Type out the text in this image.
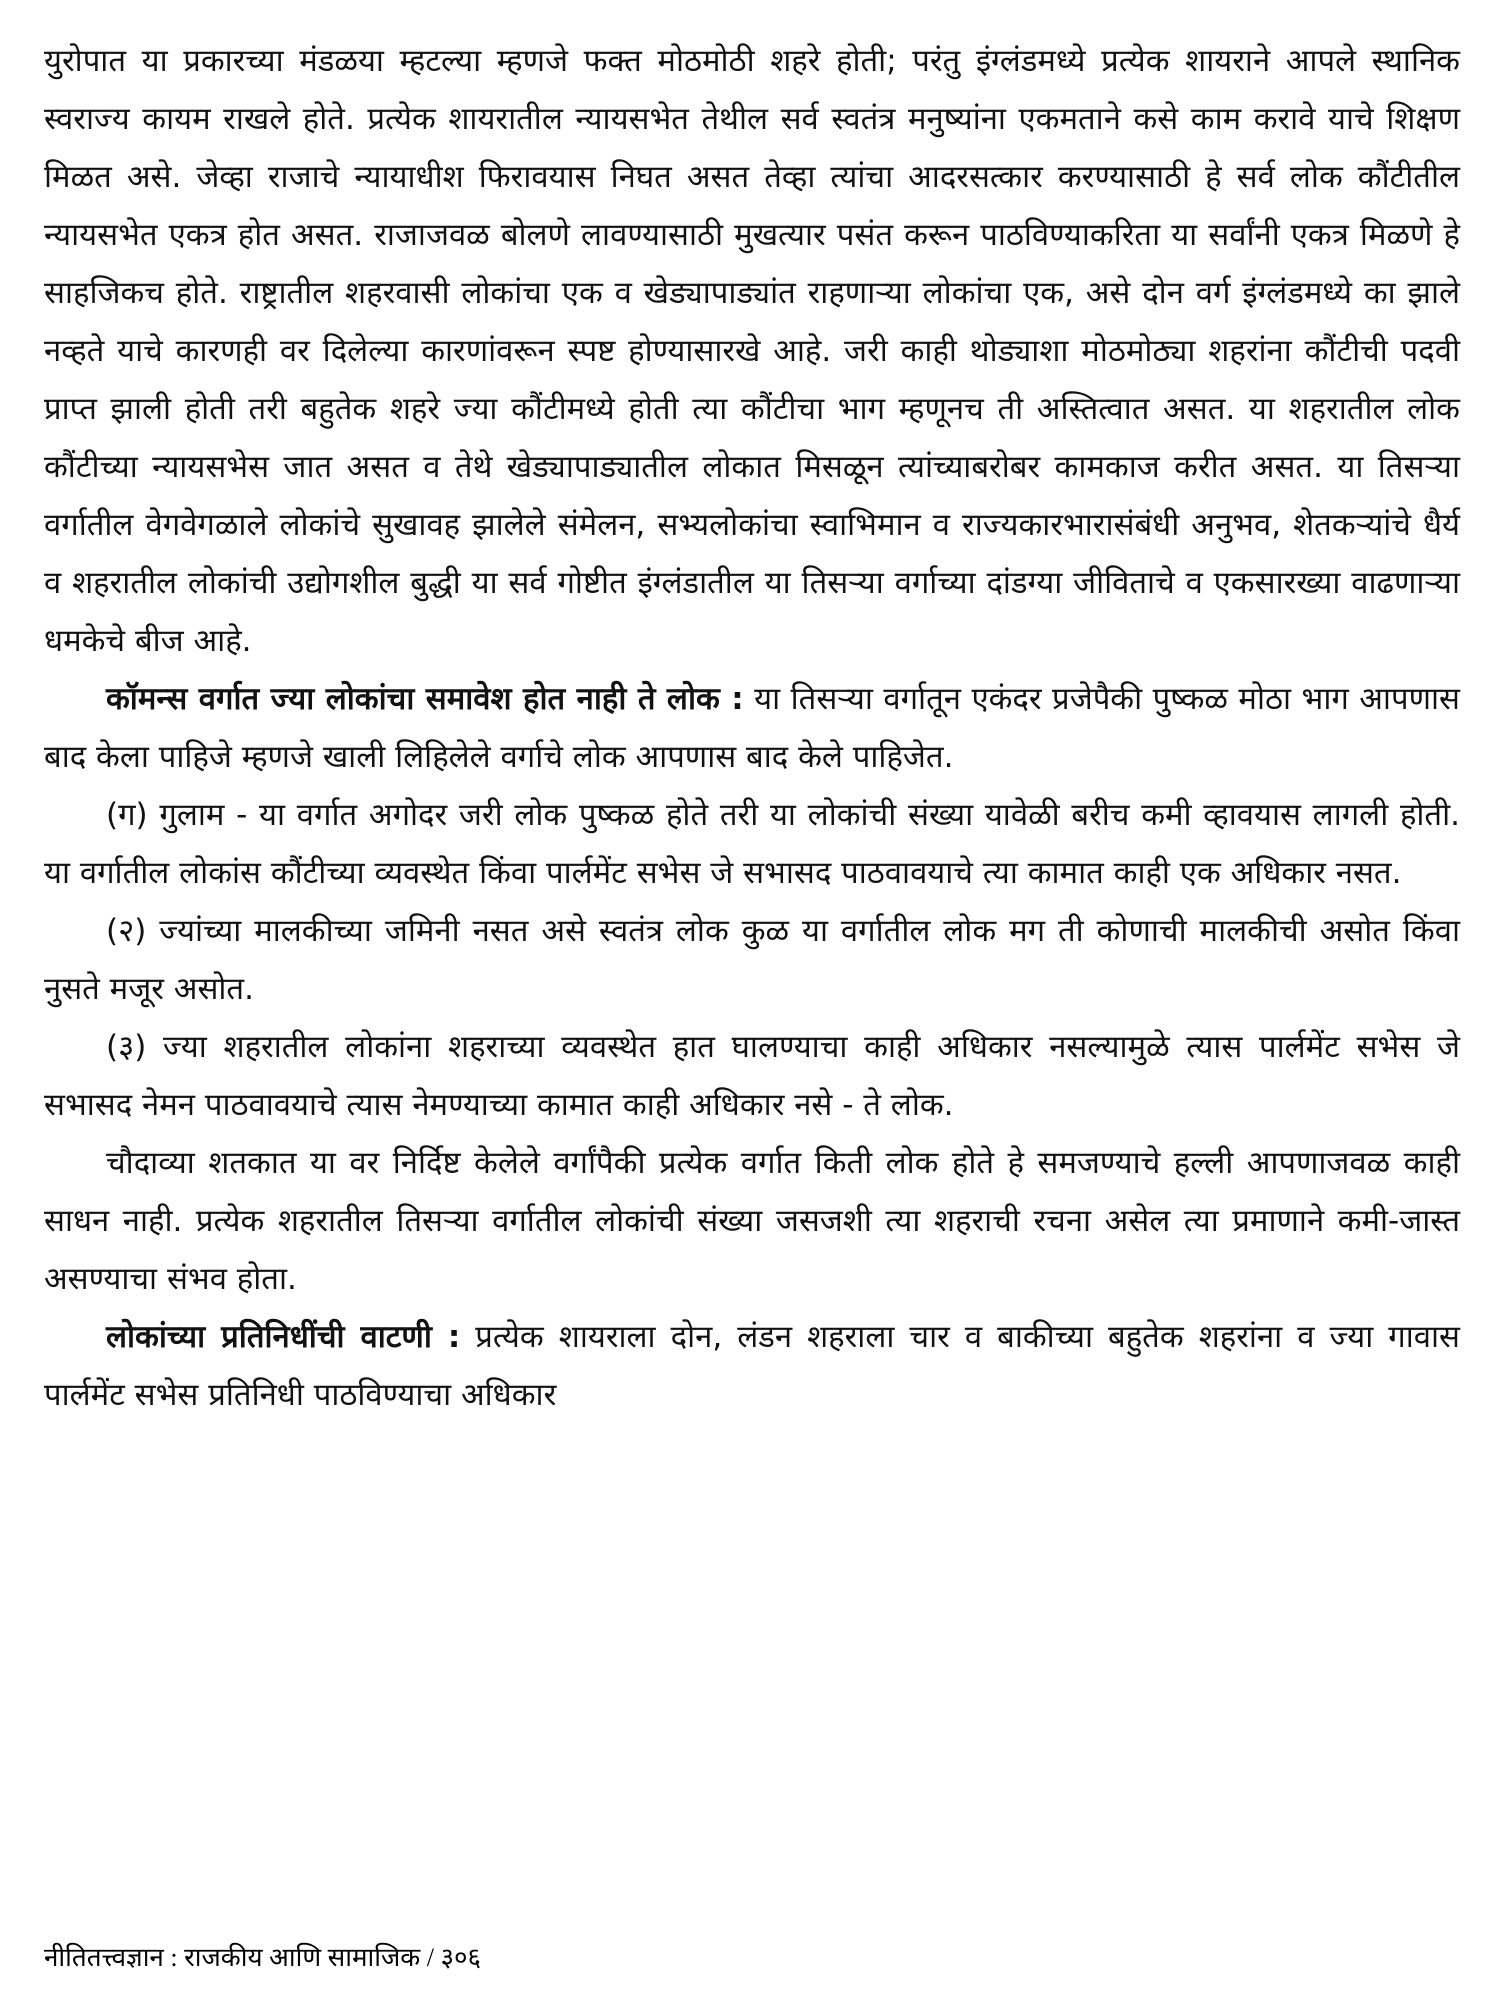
युरोपात या प्रकारच्या मंडळया म्हटल्या म्हणजे फक्त मोठमोठी शहरे होती; परंतु इंग्लंडमध्ये प्रत्येक शायराने आपले स्थानिक स्वराज्य कायम राखले होते. प्रत्येक शायरातील न्यायसभेत तेथील सर्व स्वतंत्र मनुष्यांना एकमताने कसे काम करावे याचे शिक्षण मिळत असे. जेव्हा राजाचे न्यायाधीश फिरावयास निघत असत तेव्हा त्यांचा आदरसत्कार करण्यासाठी हे सर्व लोक कौंटीतील न्यायसभेत एकत्र होत असत. राजाजवळ बोलणे लावण्यासाठी मुखत्यार पसंत करून पाठविण्याकरिता या सर्वांनी एकत्र मिळणे हे साहजिकच होते. राष्ट्रातील शहरवासी लोकांचा एक व खेड्यापाड्यांत राहणाऱ्या लोकांचा एक, असे दोन वर्ग इंग्लंडमध्ये का झाले नव्हते याचे कारणही वर दिलेल्या कारणांवरून स्पष्ट होण्यासारखे आहे. जरी काही थोड्याशा मोठमोठ्या शहरांना कौंटीची पदवी प्राप्त झाली होती तरी बहुतेक शहरे ज्या कौंटीमध्ये होती त्या कौंटीचा भाग म्हणूनच ती अस्तित्वात असत. या शहरातील लोक कौंटीच्या न्यायसभेस जात असत व तेथे खेड्यापाड्यातील लोकात मिसळून त्यांच्याबरोबर कामकाज करीत असत. या तिसऱ्या वर्गातील वेगवेगळाले लोकांचे सुखावह झालेले संमेलन, सभ्यलोकांचा स्वाभिमान व राज्यकारभारासंबंधी अनुभव, शेतकऱ्यांचे धैर्य व शहरातील लोकांची उद्योगशील बुद्धी या सर्व गोष्टीत इंग्लंडातील या तिसऱ्या वर्गाच्या दांडग्या जीविताचे व एकसारख्या वाढणाऱ्या धमकेचे बीज आहे.

कॉमन्स वर्गात ज्या लोकांचा समावेश होत नाही ते लोक : या तिसऱ्या वर्गातून एकंदर प्रजेपैकी पुष्कळ मोठा भाग आपणास बाद केला पाहिजे म्हणजे खाली लिहिलेले वर्गाचे लोक आपणास बाद केले पाहिजेत.

(ग) गुलाम - या वर्गात अगोदर जरी लोक पुष्कळ होते तरी या लोकांची संख्या यावेळी बरीच कमी व्हावयास लागली होती. या वर्गातील लोकांस कौंटीच्या व्यवस्थेत किंवा पार्लमेंट सभेस जे सभासद पाठवावयाचे त्या कामात काही एक अधिकार नसत.

(२) ज्यांच्या मालकीच्या जमिनी नसत असे स्वतंत्र लोक कुळ या वर्गातील लोक मग ती कोणाची मालकीची असोत किंवा नुसते मजूर असोत.

(३) ज्या शहरातील लोकांना शहराच्या व्यवस्थेत हात घालण्याचा काही अधिकार नसल्यामुळे त्यास पार्लमेंट सभेस जे सभासद नेमन पाठवावयाचे त्यास नेमण्याच्या कामात काही अधिकार नसे - ते लोक.

चौदाव्या शतकात या वर निर्दिष्ट केलेले वर्गांपैकी प्रत्येक वर्गात किती लोक होते हे समजण्याचे हल्ली आपणाजवळ काही साधन नाही. प्रत्येक शहरातील तिसऱ्या वर्गातील लोकांची संख्या जसजशी त्या शहराची रचना असेल त्या प्रमाणाने कमी-जास्त असण्याचा संभव होता.

लोकांच्या प्रतिनिधींची वाटणी : प्रत्येक शायराला दोन, लंडन शहराला चार व बाकीच्या बहुतेक शहरांना व ज्या गावास पार्लमेंट सभेस प्रतिनिधी पाठविण्याचा अधिकार

नीतितत्त्वज्ञान : राजकीय आणि सामाजिक / ३०६
